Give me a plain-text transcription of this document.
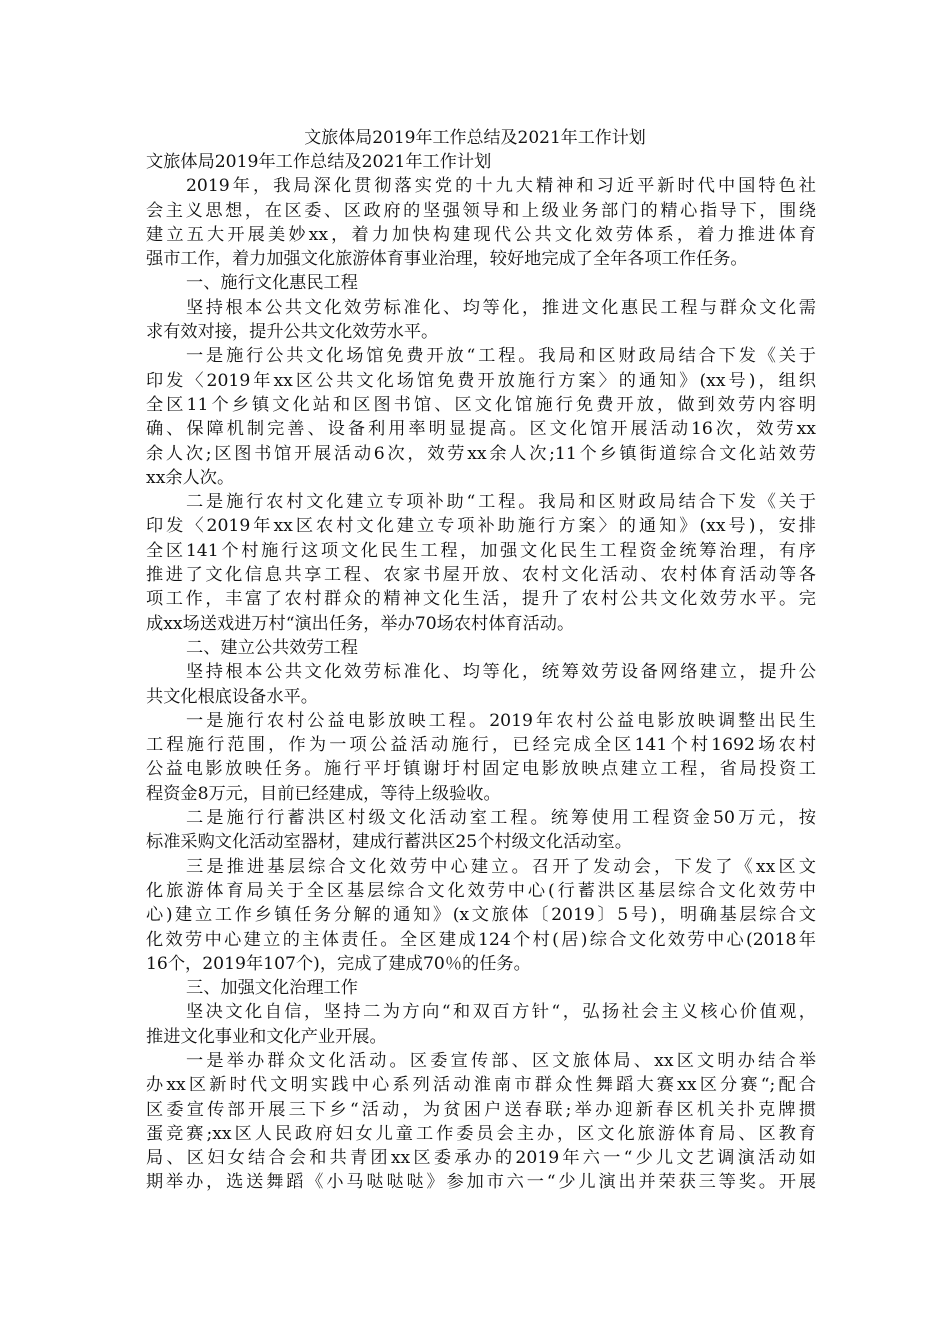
文旅体局2019年工作总结及2021年工作计划
文旅体局2019年工作总结及2021年工作计划
2019年，我局深化贯彻落实党的十九大精神和习近平新时代中国特色社
会主义思想，在区委、区政府的坚强领导和上级业务部门的精心指导下，围绕
建立五大开展美妙xx，着力加快构建现代公共文化效劳体系，着力推进体育
强市工作，着力加强文化旅游体育事业治理，较好地完成了全年各项工作任务。
一、施行文化惠民工程
坚持根本公共文化效劳标准化、均等化，推进文化惠民工程与群众文化需
求有效对接，提升公共文化效劳水平。
一是施行公共文化场馆免费开放“工程。我局和区财政局结合下发《关于
印发〈2019年xx区公共文化场馆免费开放施行方案〉的通知》(xx号)，组织
全区11个乡镇文化站和区图书馆、区文化馆施行免费开放，做到效劳内容明
确、保障机制完善、设备利用率明显提高。区文化馆开展活动16次，效劳xx
余人次;区图书馆开展活动6次，效劳xx余人次;11个乡镇街道综合文化站效劳
xx余人次。
二是施行农村文化建立专项补助“工程。我局和区财政局结合下发《关于
印发〈2019年xx区农村文化建立专项补助施行方案〉的通知》(xx号)，安排
全区141个村施行这项文化民生工程，加强文化民生工程资金统筹治理，有序
推进了文化信息共享工程、农家书屋开放、农村文化活动、农村体育活动等各
项工作，丰富了农村群众的精神文化生活，提升了农村公共文化效劳水平。完
成xx场送戏进万村“演出任务，举办70场农村体育活动。
二、建立公共效劳工程
坚持根本公共文化效劳标准化、均等化，统筹效劳设备网络建立，提升公
共文化根底设备水平。
一是施行农村公益电影放映工程。2019年农村公益电影放映调整出民生
工程施行范围，作为一项公益活动施行，已经完成全区141个村1692场农村
公益电影放映任务。施行平圩镇谢圩村固定电影放映点建立工程，省局投资工
程资金8万元，目前已经建成，等待上级验收。
二是施行行蓄洪区村级文化活动室工程。统筹使用工程资金50万元，按
标准采购文化活动室器材，建成行蓄洪区25个村级文化活动室。
三是推进基层综合文化效劳中心建立。召开了发动会，下发了《xx区文
化旅游体育局关于全区基层综合文化效劳中心(行蓄洪区基层综合文化效劳中
心)建立工作乡镇任务分解的通知》(x文旅体〔2019〕5号)，明确基层综合文
化效劳中心建立的主体责任。全区建成124个村(居)综合文化效劳中心(2018年
16个，2019年107个)，完成了建成70％的任务。
三、加强文化治理工作
坚决文化自信，坚持二为方向“和双百方针“，弘扬社会主义核心价值观，
推进文化事业和文化产业开展。
一是举办群众文化活动。区委宣传部、区文旅体局、xx区文明办结合举
办xx区新时代文明实践中心系列活动淮南市群众性舞蹈大赛xx区分赛“;配合
区委宣传部开展三下乡“活动，为贫困户送春联;举办迎新春区机关扑克牌掼
蛋竞赛;xx区人民政府妇女儿童工作委员会主办，区文化旅游体育局、区教育
局、区妇女结合会和共青团xx区委承办的2019年六一“少儿文艺调演活动如
期举办，选送舞蹈《小马哒哒哒》参加市六一“少儿演出并荣获三等奖。开展
